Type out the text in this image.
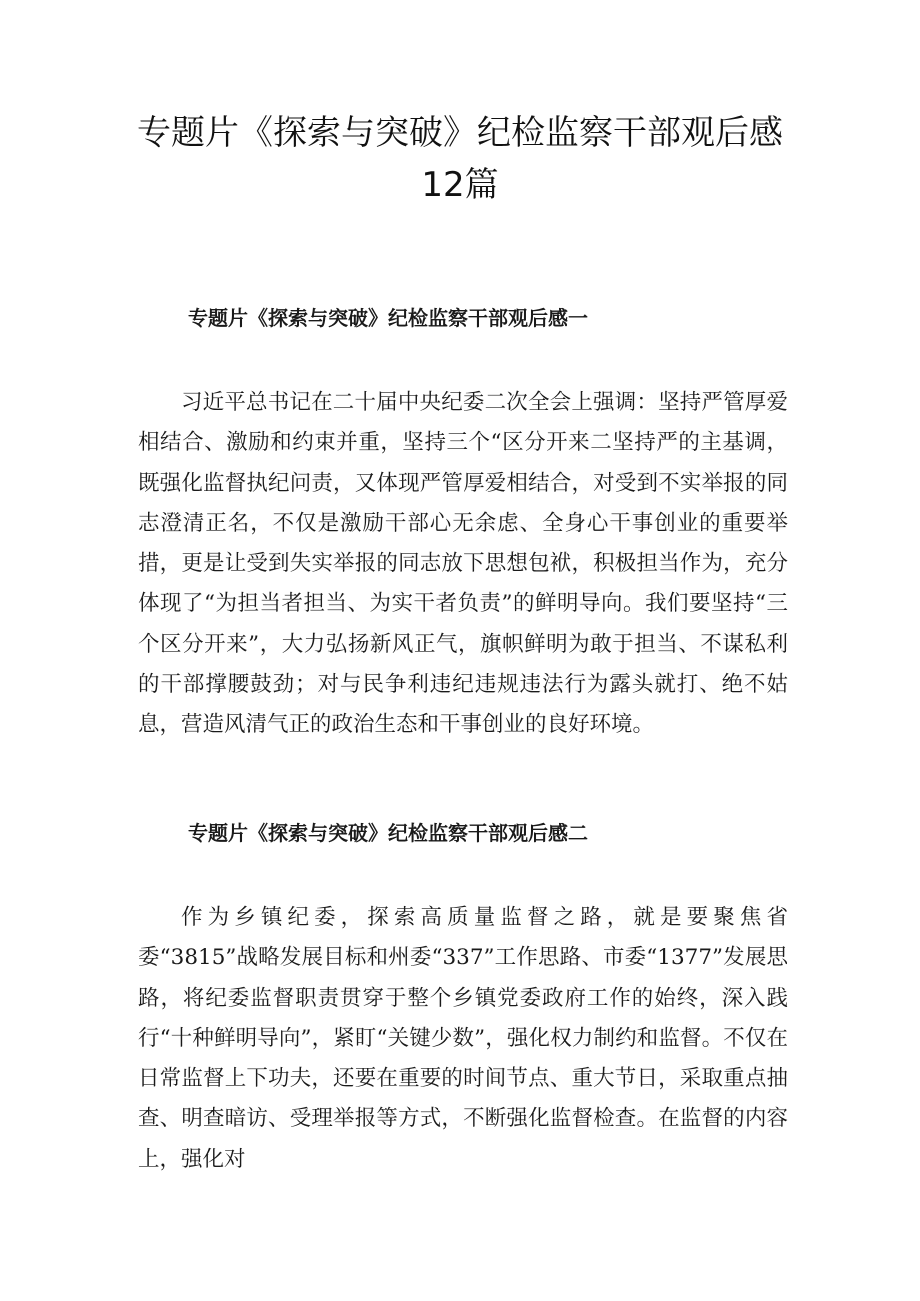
专题片《探索与突破》纪检监察干部观后感
12篇
专题片《探索与突破》纪检监察干部观后感一

习近平总书记在二十届中央纪委二次全会上强调：坚持严管厚爱相结合、激励和约束并重，坚持三个“区分开来二坚持严的主基调，既强化监督执纪问责，又体现严管厚爱相结合，对受到不实举报的同志澄清正名，不仅是激励干部心无余虑、全身心干事创业的重要举措，更是让受到失实举报的同志放下思想包袱，积极担当作为，充分体现了“为担当者担当、为实干者负责”的鲜明导向。我们要坚持“三个区分开来”，大力弘扬新风正气，旗帜鲜明为敢于担当、不谋私利的干部撑腰鼓劲；对与民争利违纪违规违法行为露头就打、绝不姑息，营造风清气正的政治生态和干事创业的良好环境。

专题片《探索与突破》纪检监察干部观后感二

作为乡镇纪委，探索高质量监督之路，就是要聚焦省委“3815”战略发展目标和州委“337”工作思路、市委“1377”发展思路，将纪委监督职责贯穿于整个乡镇党委政府工作的始终，深入践行“十种鲜明导向”，紧盯“关键少数”，强化权力制约和监督。不仅在日常监督上下功夫，还要在重要的时间节点、重大节日，采取重点抽查、明查暗访、受理举报等方式，不断强化监督检查。在监督的内容上，强化对
